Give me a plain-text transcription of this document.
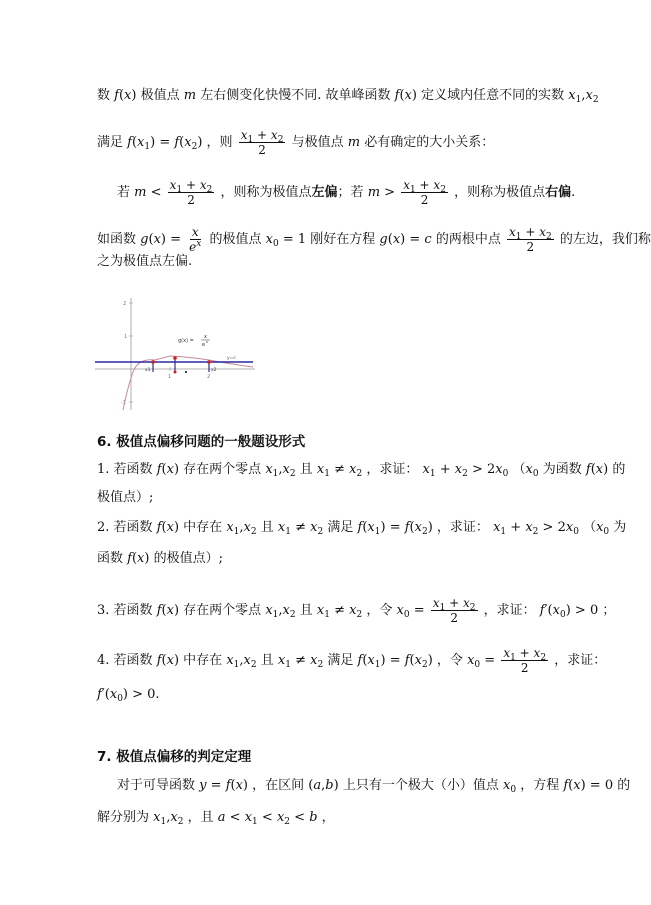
数 f(x) 极值点 m 左右侧变化快慢不同. 故单峰函数 f(x) 定义域内任意不同的实数 $x_1,x_2$
满足 $f(x_1) = f(x_2)$ ，则 $\frac{x_1 + x_2}{2}$ 与极值点 m 必有确定的大小关系：
若 $m < \frac{x_1 + x_2}{2}$ ，则称为极值点左偏；若 $m > \frac{x_1 + x_2}{2}$ ，则称为极值点右偏.
如函数 $g(x) = \frac{x}{e^x}$ 的极值点 $x_0 = 1$ 刚好在方程 g(x) = c 的两根中点 $\frac{x_1 + x_2}{2}$ 的左边，我们称
之为极值点左偏.
2
1
-1
1	2
y=c
x1	x2
g(x) =
x
e x
6. 极值点偏移问题的一般题设形式
1. 若函数 f(x) 存在两个零点 $x_1,x_2$ 且 $x_1 \ne x_2$ ，求证： $x_1 + x_2 > 2x_0$ （$x_0$ 为函数 f(x) 的
极值点）;
2. 若函数 f(x) 中存在 $x_1,x_2$ 且 $x_1 \ne x_2$ 满足 $f(x_1) = f(x_2)$ ，求证： $x_1 + x_2 > 2x_0$ （$x_0$ 为
函数 f(x) 的极值点）;
3. 若函数 f(x) 存在两个零点 $x_1,x_2$ 且 $x_1 \ne x_2$ ，令 $x_0 = \frac{x_1 + x_2}{2}$ ，求证： $f'(x_0) > 0$ ；
4. 若函数 f(x) 中存在 $x_1,x_2$ 且 $x_1 \ne x_2$ 满足 $f(x_1) = f(x_2)$ ，令 $x_0 = \frac{x_1 + x_2}{2}$ ，求证：
$f'(x_0) > 0$.
7. 极值点偏移的判定定理
对于可导函数 y = f(x) ，在区间 (a,b) 上只有一个极大（小）值点 $x_0$ ，方程 f(x) = 0 的
解分别为 $x_1,x_2$ ，且 $a < x_1 < x_2 < b$ ，
